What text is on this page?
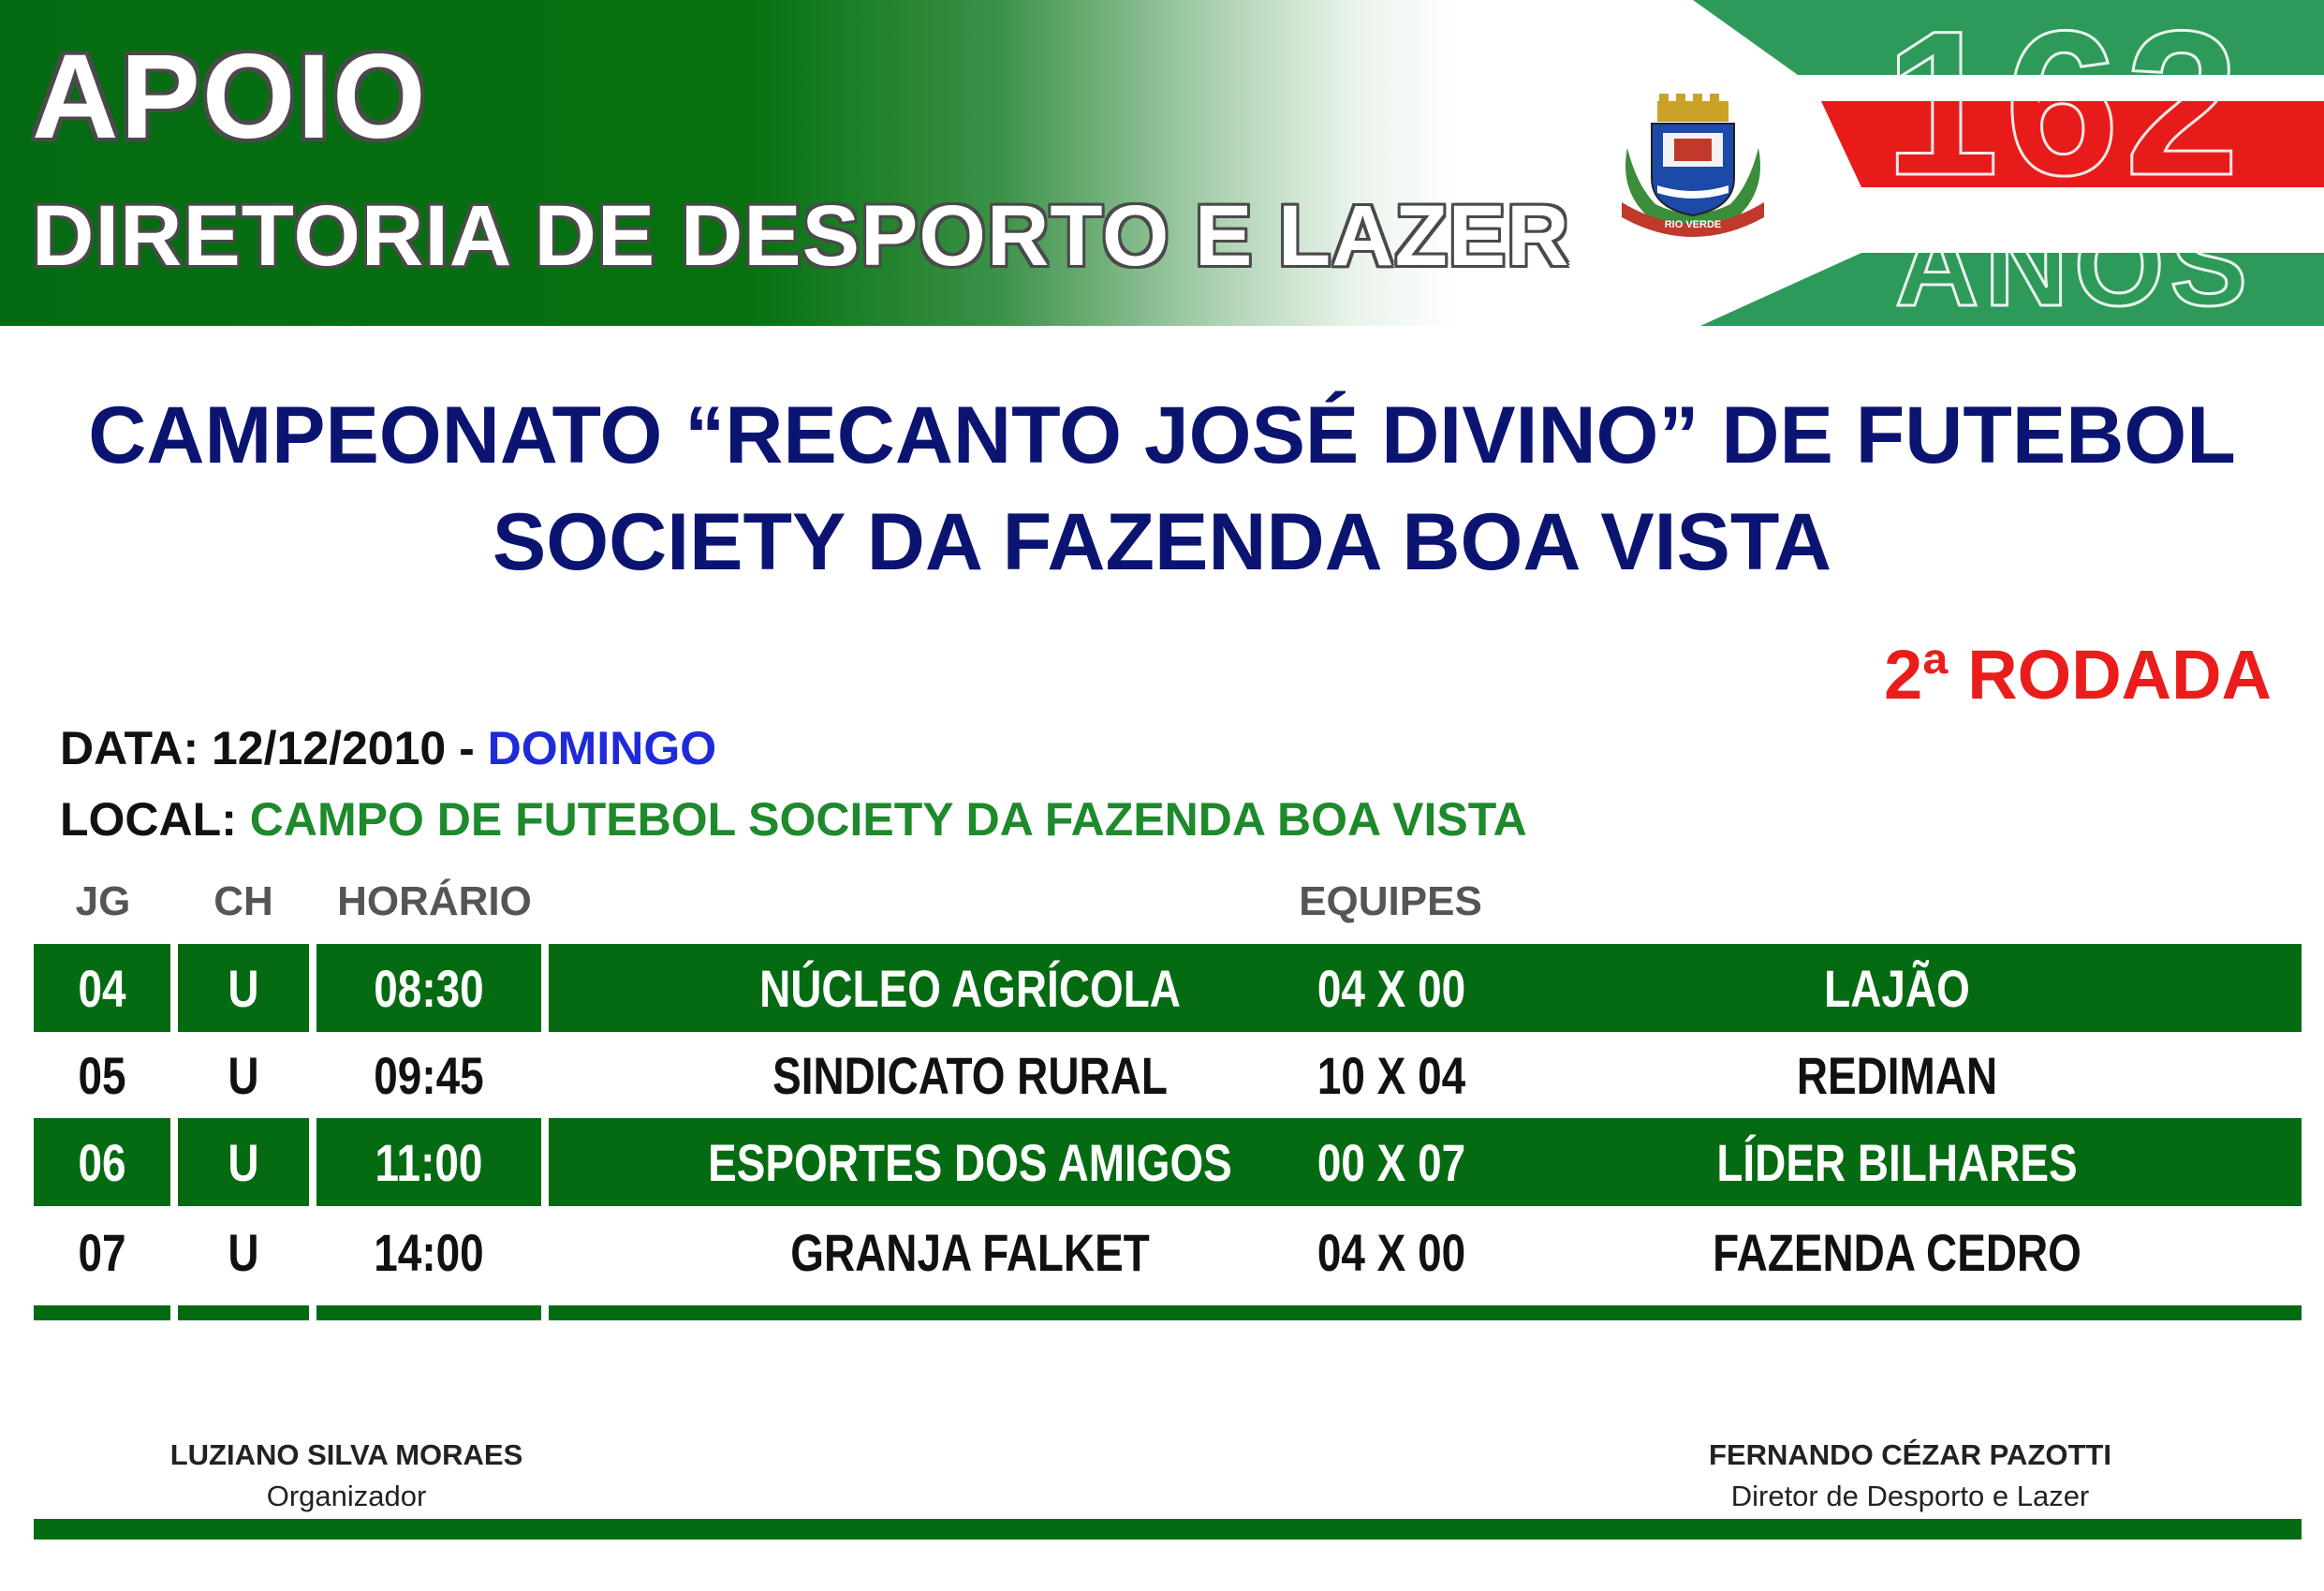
162
ANOS
RIO VERDE
APOIO
DIRETORIA DE DESPORTO E LAZER
CAMPEONATO “RECANTO JOSÉ DIVINO” DE FUTEBOL
SOCIETY DA FAZENDA BOA VISTA
2ª RODADA
DATA: 12/12/2010 - DOMINGO
LOCAL: CAMPO DE FUTEBOL SOCIETY DA FAZENDA BOA VISTA
JG	CH	HORÁRIO	EQUIPES
04	U	08:30	NÚCLEO AGRÍCOLA	04 X 00	LAJÃO
05	U	09:45	SINDICATO RURAL	10 X 04	REDIMAN
06	U	11:00	ESPORTES DOS AMIGOS	00 X 07	LÍDER BILHARES
07	U	14:00	GRANJA FALKET	04 X 00	FAZENDA CEDRO
LUZIANO SILVA MORAES
Organizador
FERNANDO CÉZAR PAZOTTI
Diretor de Desporto e Lazer
